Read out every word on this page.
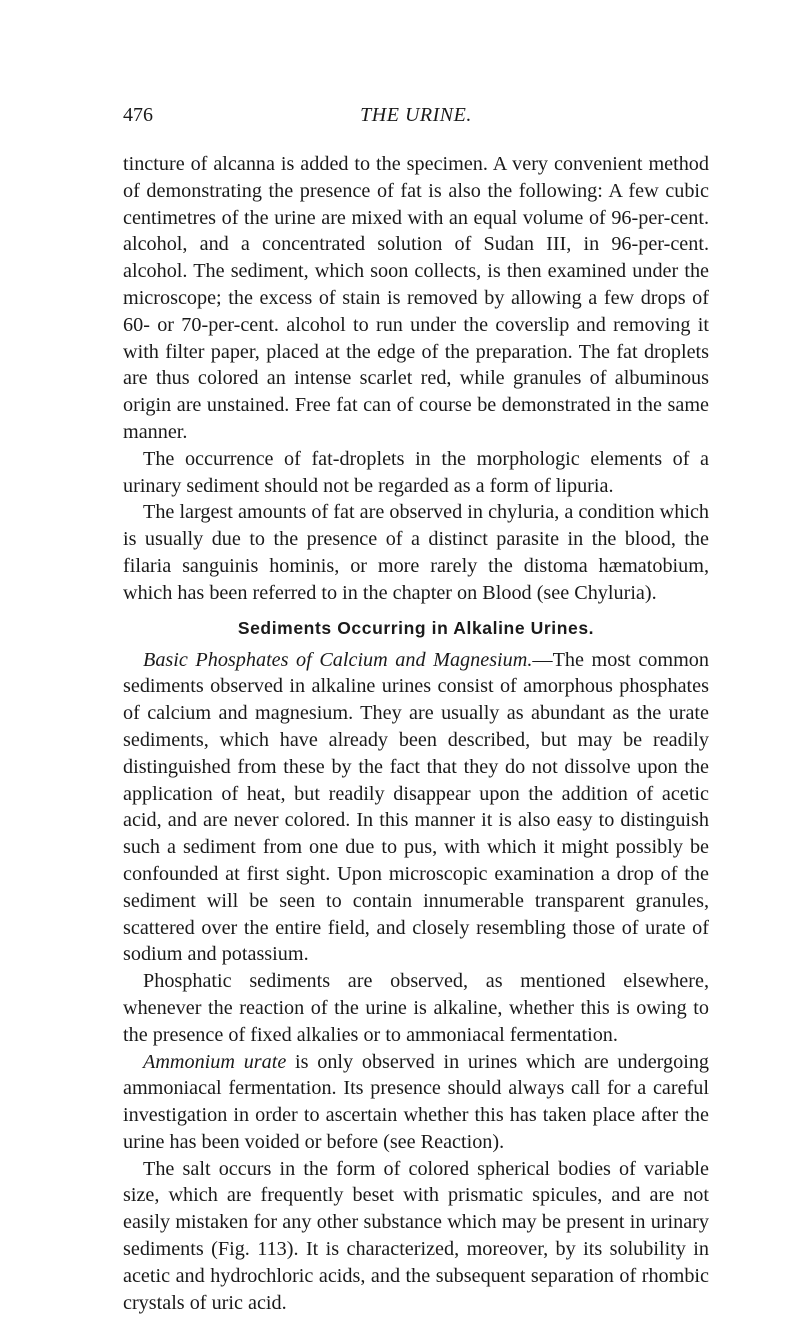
476	THE URINE.

tincture of alcanna is added to the specimen. A very convenient method of demonstrating the presence of fat is also the following: A few cubic centimetres of the urine are mixed with an equal volume of 96-per-cent. alcohol, and a concentrated solution of Sudan III, in 96-per-cent. alcohol. The sediment, which soon collects, is then examined under the microscope; the excess of stain is removed by allowing a few drops of 60- or 70-per-cent. alcohol to run under the coverslip and removing it with filter paper, placed at the edge of the preparation. The fat droplets are thus colored an intense scarlet red, while granules of albuminous origin are unstained. Free fat can of course be demonstrated in the same manner.

The occurrence of fat-droplets in the morphologic elements of a urinary sediment should not be regarded as a form of lipuria.

The largest amounts of fat are observed in chyluria, a condition which is usually due to the presence of a distinct parasite in the blood, the filaria sanguinis hominis, or more rarely the distoma hæmatobium, which has been referred to in the chapter on Blood (see Chyluria).

Sediments Occurring in Alkaline Urines.

Basic Phosphates of Calcium and Magnesium.—The most common sediments observed in alkaline urines consist of amorphous phosphates of calcium and magnesium. They are usually as abundant as the urate sediments, which have already been described, but may be readily distinguished from these by the fact that they do not dissolve upon the application of heat, but readily disappear upon the addition of acetic acid, and are never colored. In this manner it is also easy to distinguish such a sediment from one due to pus, with which it might possibly be confounded at first sight. Upon microscopic examination a drop of the sediment will be seen to contain innumerable transparent granules, scattered over the entire field, and closely resembling those of urate of sodium and potassium.

Phosphatic sediments are observed, as mentioned elsewhere, whenever the reaction of the urine is alkaline, whether this is owing to the presence of fixed alkalies or to ammoniacal fermentation.

Ammonium urate is only observed in urines which are undergoing ammoniacal fermentation. Its presence should always call for a careful investigation in order to ascertain whether this has taken place after the urine has been voided or before (see Reaction).

The salt occurs in the form of colored spherical bodies of variable size, which are frequently beset with prismatic spicules, and are not easily mistaken for any other substance which may be present in urinary sediments (Fig. 113). It is characterized, moreover, by its solubility in acetic and hydrochloric acids, and the subsequent separation of rhombic crystals of uric acid.
